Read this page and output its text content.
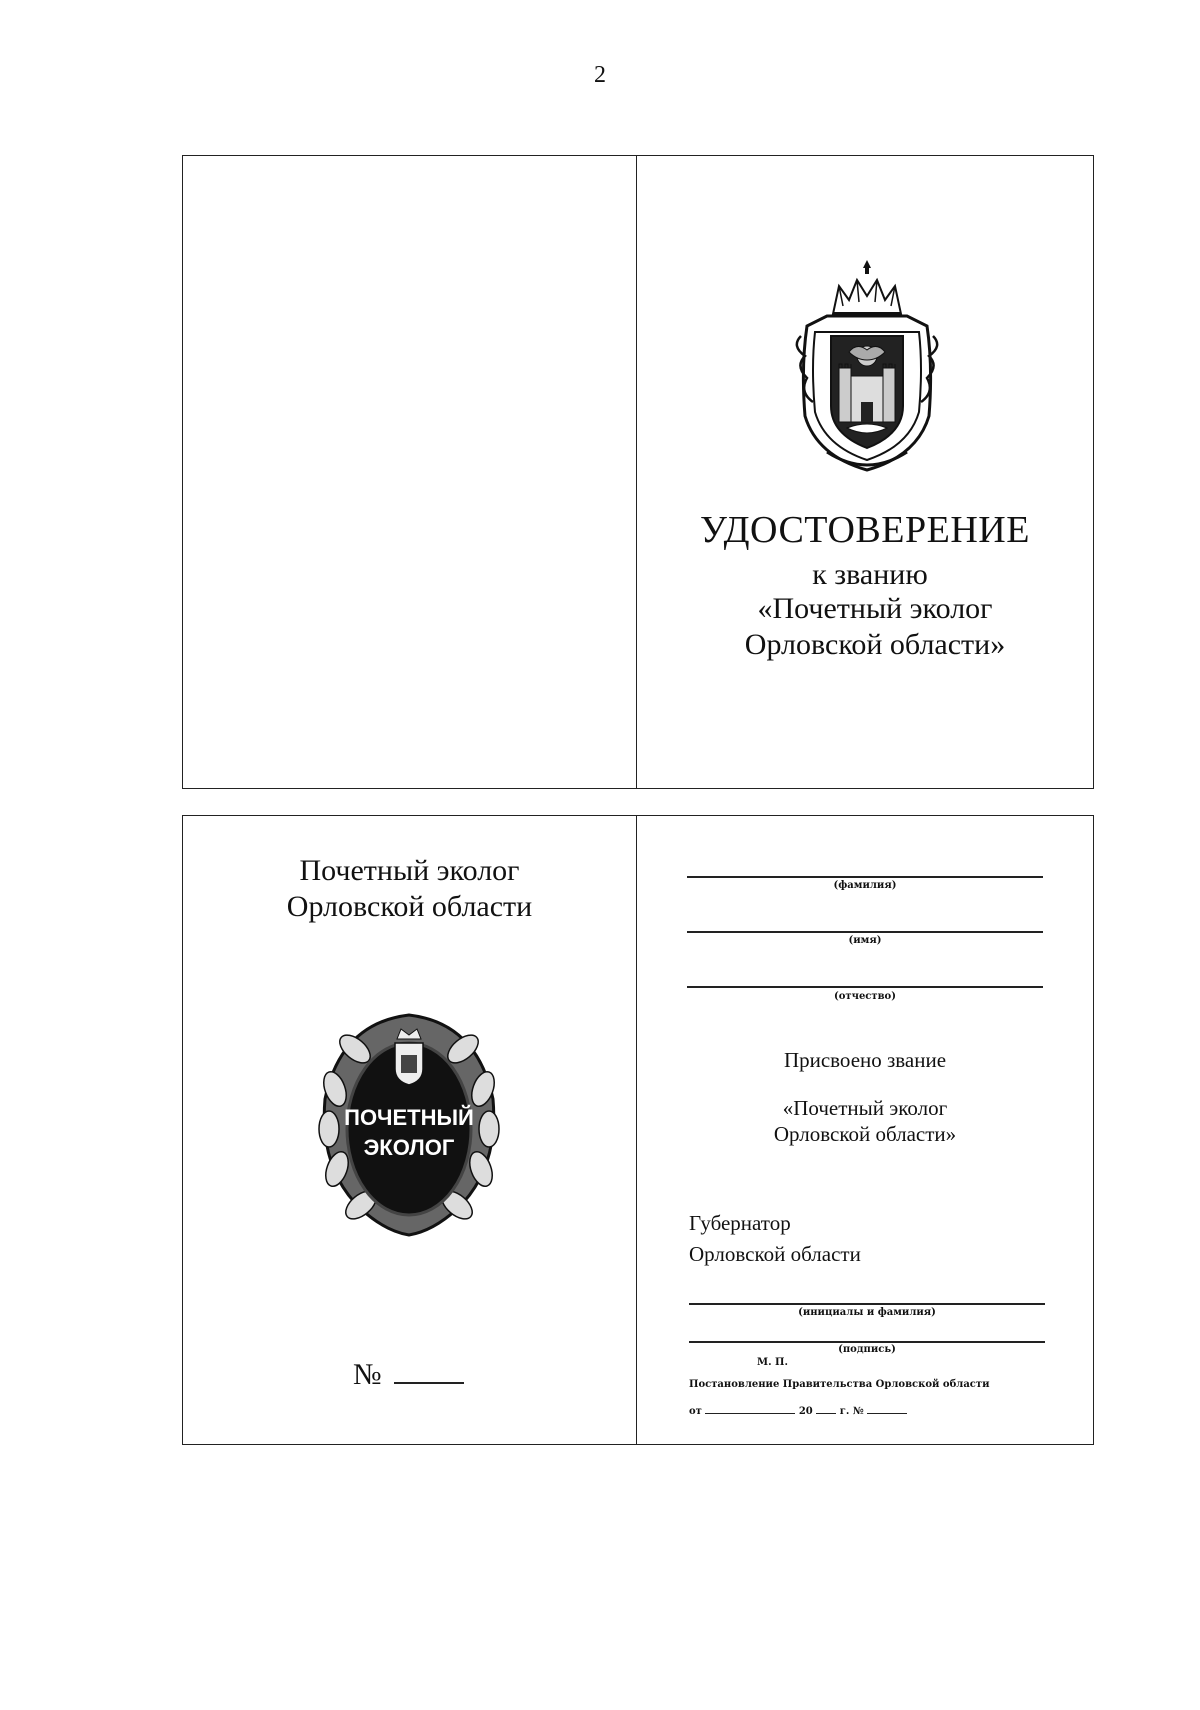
2
УДОСТОВЕРЕНИЕ
к званию
«Почетный эколог
Орловской области»
Почетный эколог
Орловской области
ПОЧЕТНЫЙ
ЭКОЛОГ
№
(фамилия)
(имя)
(отчество)
Присвоено звание
«Почетный эколог
Орловской области»
Губернатор
Орловской области
(инициалы и фамилия)
(подпись)
М. П.
Постановление Правительства Орловской области
от	20	г. №
